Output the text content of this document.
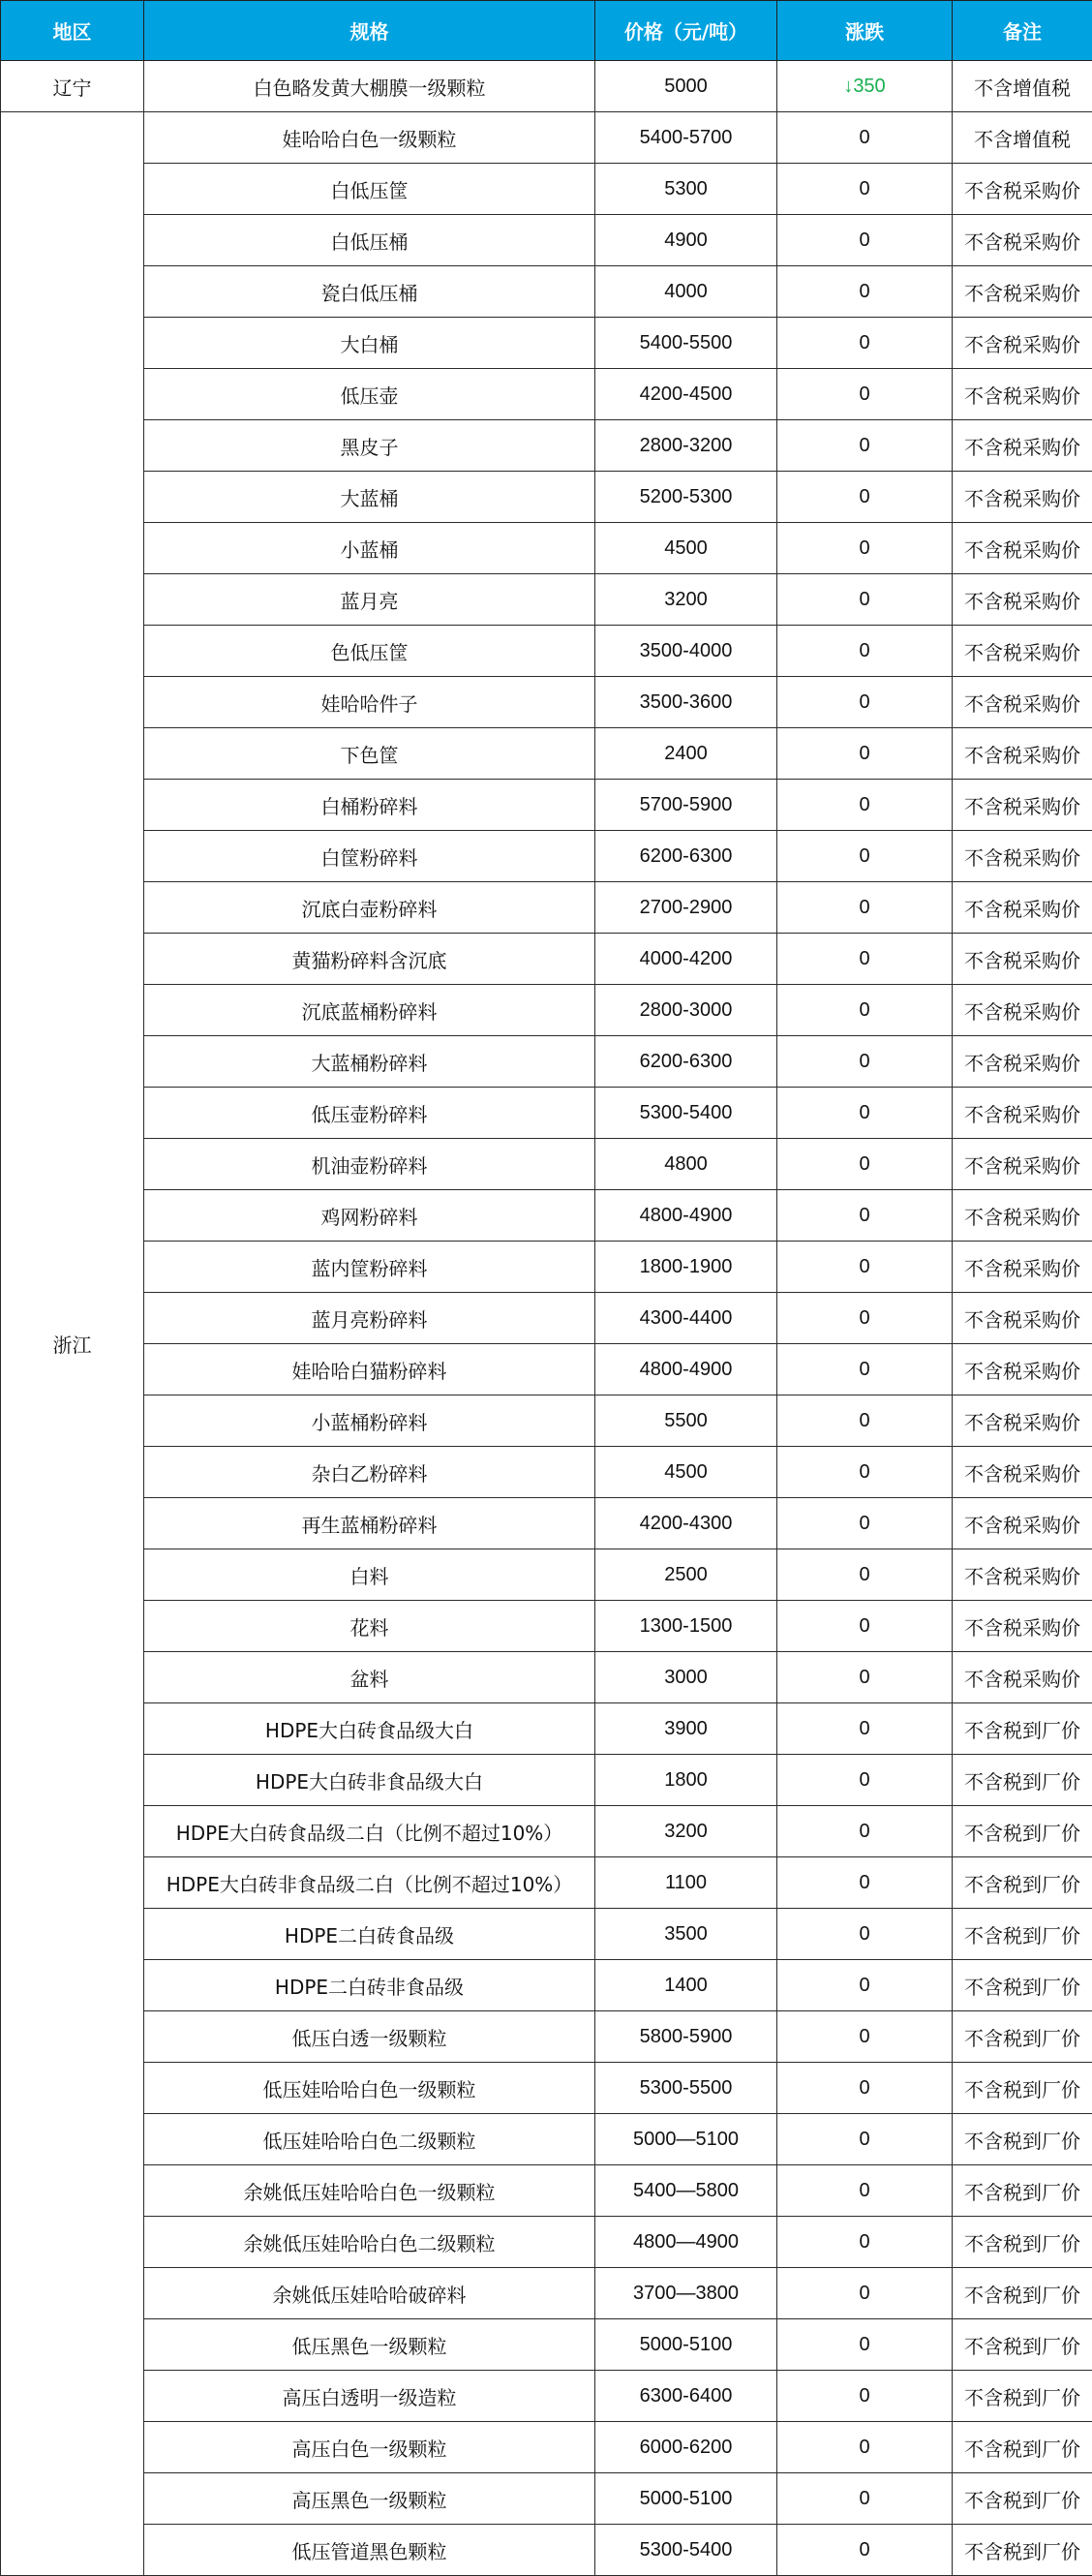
地区	规格	价格（元/吨）	涨跌	备注
辽宁	白色略发黄大棚膜一级颗粒	5000	↓350	不含增值税
浙江	娃哈哈白色一级颗粒	5400-5700	0	不含增值税
	白低压筐	5300	0	不含税采购价
	白低压桶	4900	0	不含税采购价
	瓷白低压桶	4000	0	不含税采购价
	大白桶	5400-5500	0	不含税采购价
	低压壶	4200-4500	0	不含税采购价
	黑皮子	2800-3200	0	不含税采购价
	大蓝桶	5200-5300	0	不含税采购价
	小蓝桶	4500	0	不含税采购价
	蓝月亮	3200	0	不含税采购价
	色低压筐	3500-4000	0	不含税采购价
	娃哈哈件子	3500-3600	0	不含税采购价
	下色筐	2400	0	不含税采购价
	白桶粉碎料	5700-5900	0	不含税采购价
	白筐粉碎料	6200-6300	0	不含税采购价
	沉底白壶粉碎料	2700-2900	0	不含税采购价
	黄猫粉碎料含沉底	4000-4200	0	不含税采购价
	沉底蓝桶粉碎料	2800-3000	0	不含税采购价
	大蓝桶粉碎料	6200-6300	0	不含税采购价
	低压壶粉碎料	5300-5400	0	不含税采购价
	机油壶粉碎料	4800	0	不含税采购价
	鸡网粉碎料	4800-4900	0	不含税采购价
	蓝内筐粉碎料	1800-1900	0	不含税采购价
	蓝月亮粉碎料	4300-4400	0	不含税采购价
	娃哈哈白猫粉碎料	4800-4900	0	不含税采购价
	小蓝桶粉碎料	5500	0	不含税采购价
	杂白乙粉碎料	4500	0	不含税采购价
	再生蓝桶粉碎料	4200-4300	0	不含税采购价
	白料	2500	0	不含税采购价
	花料	1300-1500	0	不含税采购价
	盆料	3000	0	不含税采购价
	HDPE大白砖食品级大白	3900	0	不含税到厂价
	HDPE大白砖非食品级大白	1800	0	不含税到厂价
	HDPE大白砖食品级二白（比例不超过10%）	3200	0	不含税到厂价
	HDPE大白砖非食品级二白（比例不超过10%）	1100	0	不含税到厂价
	HDPE二白砖食品级	3500	0	不含税到厂价
	HDPE二白砖非食品级	1400	0	不含税到厂价
	低压白透一级颗粒	5800-5900	0	不含税到厂价
	低压娃哈哈白色一级颗粒	5300-5500	0	不含税到厂价
	低压娃哈哈白色二级颗粒	5000—5100	0	不含税到厂价
	余姚低压娃哈哈白色一级颗粒	5400—5800	0	不含税到厂价
	余姚低压娃哈哈白色二级颗粒	4800—4900	0	不含税到厂价
	余姚低压娃哈哈破碎料	3700—3800	0	不含税到厂价
	低压黑色一级颗粒	5000-5100	0	不含税到厂价
	高压白透明一级造粒	6300-6400	0	不含税到厂价
	高压白色一级颗粒	6000-6200	0	不含税到厂价
	高压黑色一级颗粒	5000-5100	0	不含税到厂价
	低压管道黑色颗粒	5300-5400	0	不含税到厂价
